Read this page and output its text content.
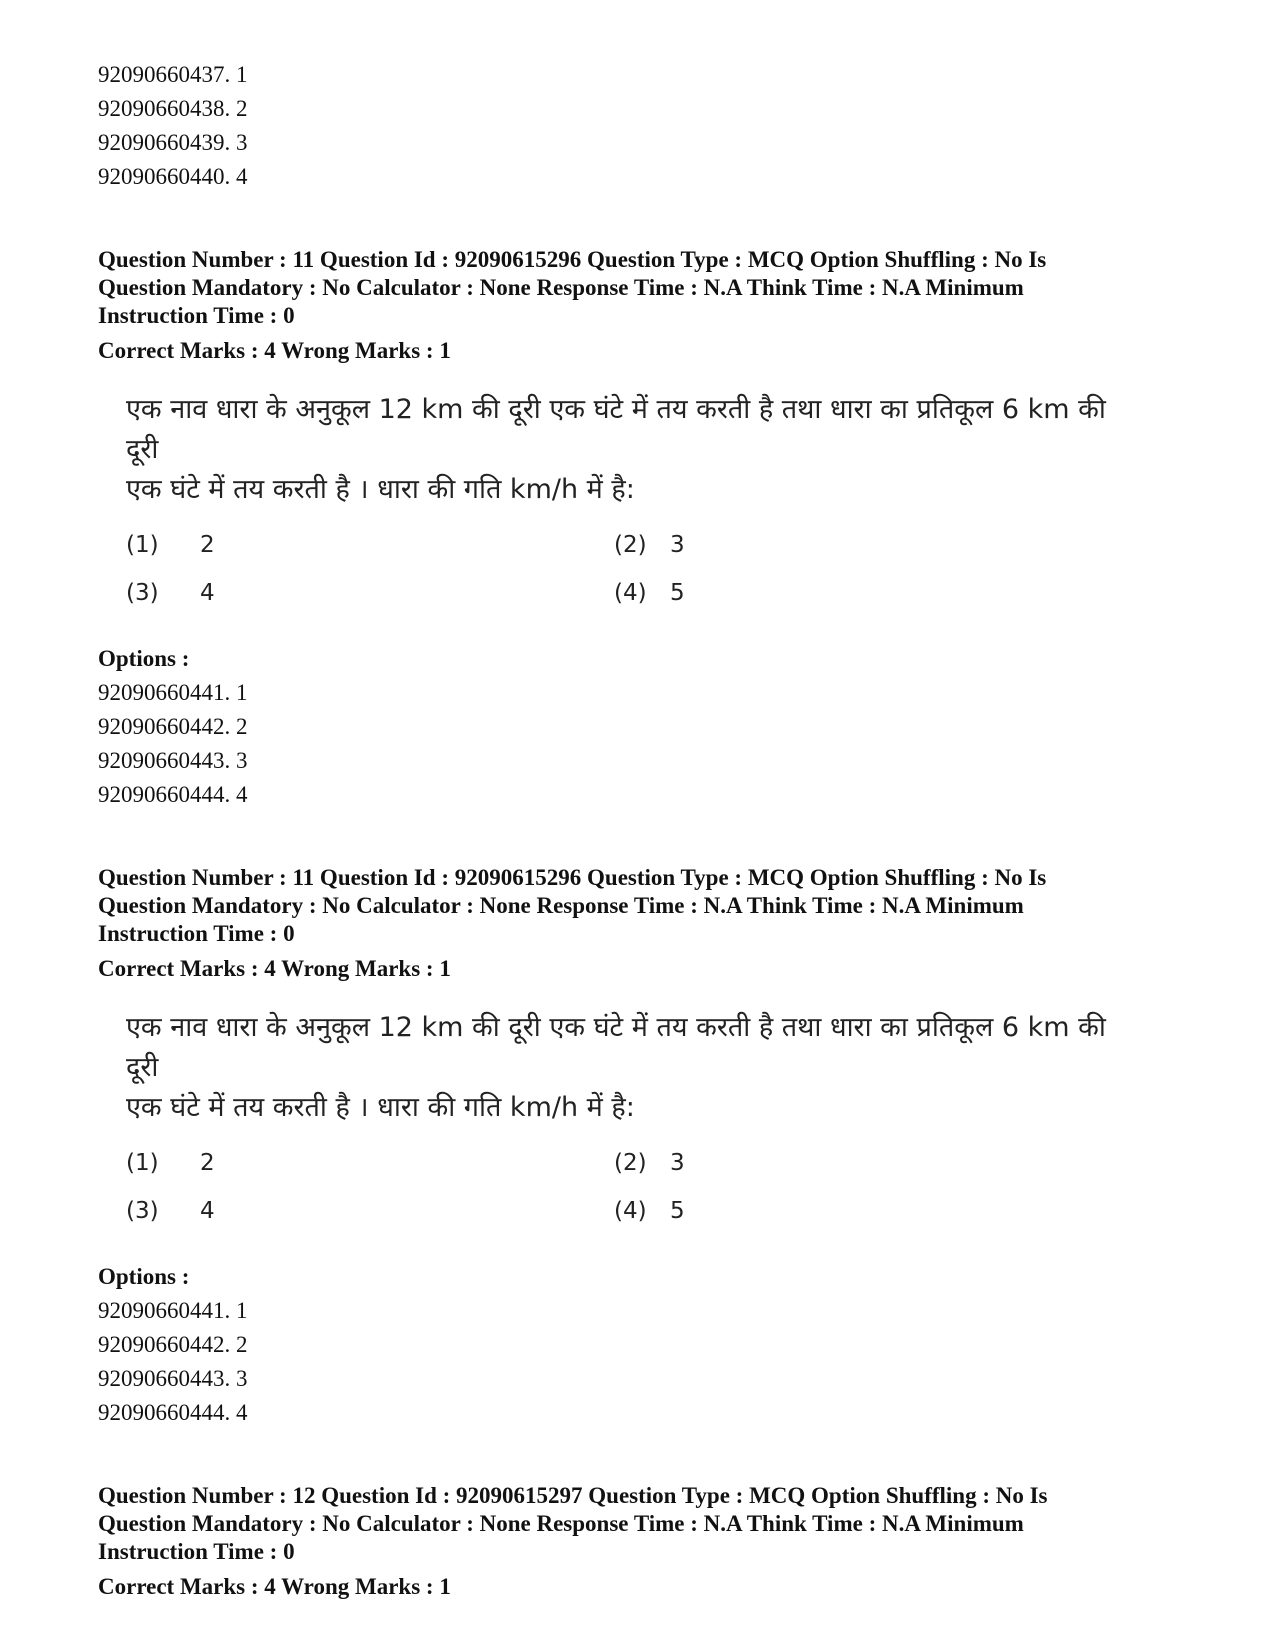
92090660437. 1

92090660438. 2

92090660439. 3

92090660440. 4

Question Number : 11 Question Id : 92090615296 Question Type : MCQ Option Shuffling : No Is
Question Mandatory : No Calculator : None Response Time : N.A Think Time : N.A Minimum
Instruction Time : 0
Correct Marks : 4 Wrong Marks : 1

एक नाव धारा के अनुकूल 12 km की दूरी एक घंटे में तय करती है तथा धारा का प्रतिकूल 6 km की दूरी

एक घंटे में तय करती है । धारा की गति km/h में है:

(1) 2	(2) 3
(3) 4	(4) 5
Options :

92090660441. 1

92090660442. 2

92090660443. 3

92090660444. 4

Question Number : 11 Question Id : 92090615296 Question Type : MCQ Option Shuffling : No Is
Question Mandatory : No Calculator : None Response Time : N.A Think Time : N.A Minimum
Instruction Time : 0
Correct Marks : 4 Wrong Marks : 1

एक नाव धारा के अनुकूल 12 km की दूरी एक घंटे में तय करती है तथा धारा का प्रतिकूल 6 km की दूरी

एक घंटे में तय करती है । धारा की गति km/h में है:

(1) 2	(2) 3
(3) 4	(4) 5
Options :

92090660441. 1

92090660442. 2

92090660443. 3

92090660444. 4

Question Number : 12 Question Id : 92090615297 Question Type : MCQ Option Shuffling : No Is
Question Mandatory : No Calculator : None Response Time : N.A Think Time : N.A Minimum
Instruction Time : 0
Correct Marks : 4 Wrong Marks : 1
